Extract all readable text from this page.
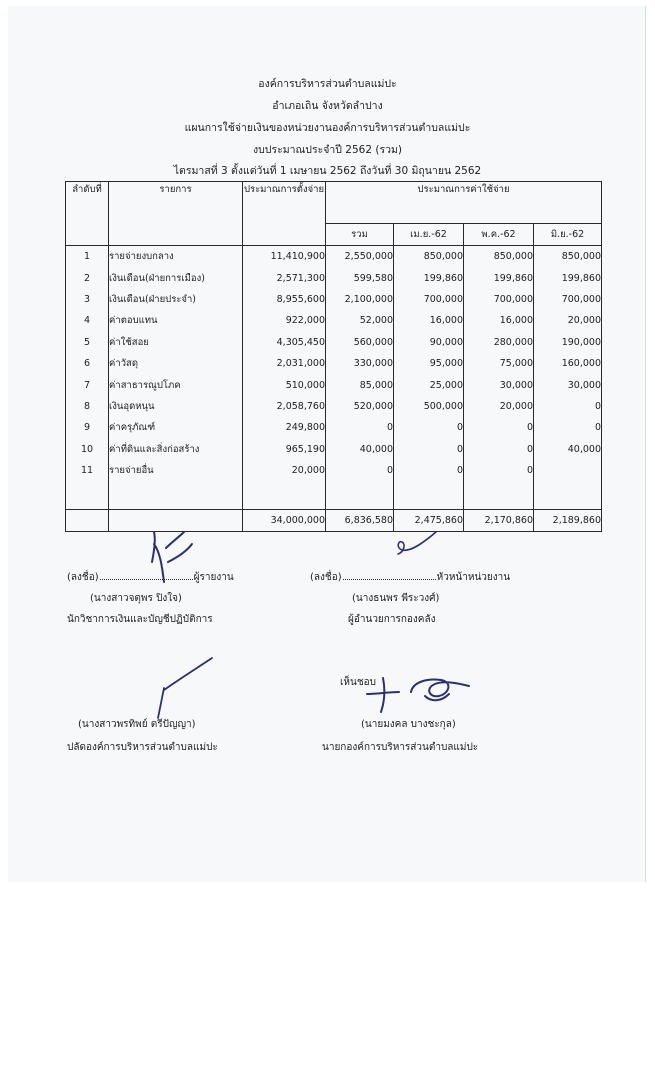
องค์การบริหารส่วนตำบลแม่ปะ
อำเภอเถิน จังหวัดลำปาง
แผนการใช้จ่ายเงินของหน่วยงานองค์การบริหารส่วนตำบลแม่ปะ
งบประมาณประจำปี 2562 (รวม)
ไตรมาสที่ 3 ตั้งแต่วันที่ 1 เมษายน 2562 ถึงวันที่ 30 มิถุนายน 2562
ลำดับที่	รายการ	ประมาณการตั้งจ่าย	ประมาณการค่าใช้จ่าย			
			รวม	เม.ย.-62	พ.ค.-62	มิ.ย.-62
1	รายจ่ายงบกลาง	11,410,900	2,550,000	850,000	850,000	850,000
2	เงินเดือน(ฝ่ายการเมือง)	2,571,300	599,580	199,860	199,860	199,860
3	เงินเดือน(ฝ่ายประจำ)	8,955,600	2,100,000	700,000	700,000	700,000
4	ค่าตอบแทน	922,000	52,000	16,000	16,000	20,000
5	ค่าใช้สอย	4,305,450	560,000	90,000	280,000	190,000
6	ค่าวัสดุ	2,031,000	330,000	95,000	75,000	160,000
7	ค่าสาธารณูปโภค	510,000	85,000	25,000	30,000	30,000
8	เงินอุดหนุน	2,058,760	520,000	500,000	20,000	0
9	ค่าครุภัณฑ์	249,800	0	0	0	0
10	ค่าที่ดินและสิ่งก่อสร้าง	965,190	40,000	0	0	40,000
11	รายจ่ายอื่น	20,000	0	0	0	

		34,000,000	6,836,580	2,475,860	2,170,860	2,189,860
(ลงชื่อ)	ผู้รายงาน
(นางสาวจตุพร ปิงใจ)
นักวิชาการเงินและบัญชีปฏิบัติการ
(ลงชื่อ)	หัวหน้าหน่วยงาน
(นางธนพร พีระวงศ์)
ผู้อำนวยการกองคลัง
เห็นชอบ
(นางสาวพรทิพย์ ตรีปัญญา)
ปลัดองค์การบริหารส่วนตำบลแม่ปะ
(นายมงคล บางชะกุล)
นายกองค์การบริหารส่วนตำบลแม่ปะ
